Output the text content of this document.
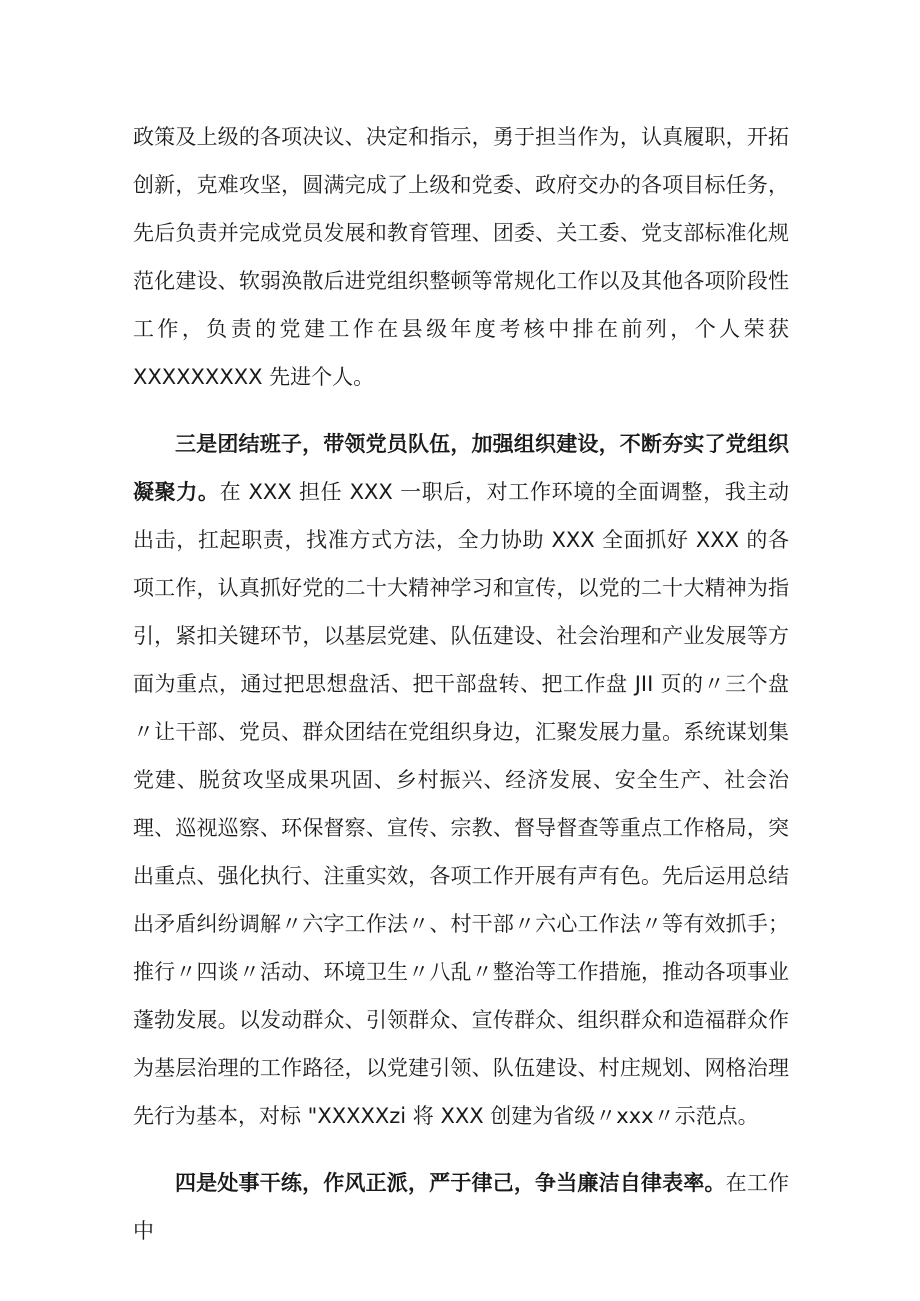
政策及上级的各项决议、决定和指示，勇于担当作为，认真履职，开拓创新，克难攻坚，圆满完成了上级和党委、政府交办的各项目标任务，先后负责并完成党员发展和教育管理、团委、关工委、党支部标准化规范化建设、软弱涣散后进党组织整顿等常规化工作以及其他各项阶段性工作，负责的党建工作在县级年度考核中排在前列，个人荣获 XXXXXXXXX 先进个人。

三是团结班子，带领党员队伍，加强组织建设，不断夯实了党组织凝聚力。在 XXX 担任 XXX 一职后，对工作环境的全面调整，我主动出击，扛起职责，找准方式方法，全力协助 XXX 全面抓好 XXX 的各项工作，认真抓好党的二十大精神学习和宣传，以党的二十大精神为指引，紧扣关键环节，以基层党建、队伍建设、社会治理和产业发展等方面为重点，通过把思想盘活、把干部盘转、把工作盘 JII 页的〃三个盘〃让干部、党员、群众团结在党组织身边，汇聚发展力量。系统谋划集党建、脱贫攻坚成果巩固、乡村振兴、经济发展、安全生产、社会治理、巡视巡察、环保督察、宣传、宗教、督导督查等重点工作格局，突出重点、强化执行、注重实效，各项工作开展有声有色。先后运用总结出矛盾纠纷调解〃六字工作法〃、村干部〃六心工作法〃等有效抓手；推行〃四谈〃活动、环境卫生〃八乱〃整治等工作措施，推动各项事业蓬勃发展。以发动群众、引领群众、宣传群众、组织群众和造福群众作为基层治理的工作路径，以党建引领、队伍建设、村庄规划、网格治理先行为基本，对标 "XXXXXzi 将 XXX 创建为省级〃xxx〃示范点。

四是处事干练，作风正派，严于律己，争当廉洁自律表率。在工作中
